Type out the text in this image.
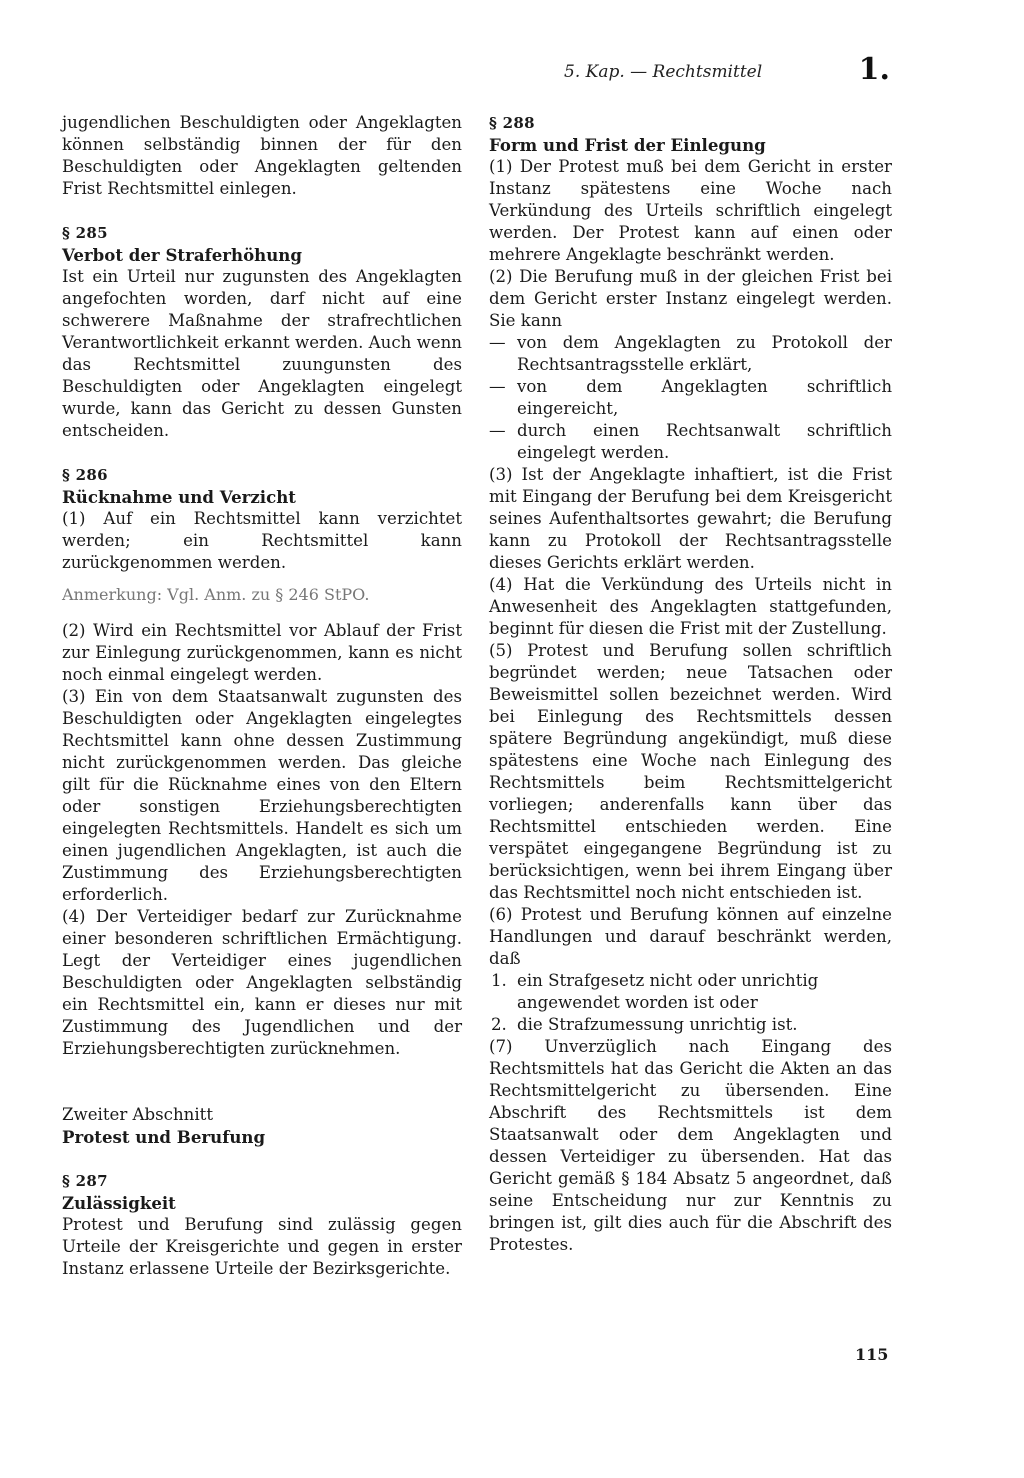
5. Kap. — Rechtsmittel	1.

jugendlichen Beschuldigten oder Angeklagten können selbständig binnen der für den Beschuldigten oder Angeklagten geltenden Frist Rechtsmittel einlegen.

§ 285
Verbot der Straferhöhung

Ist ein Urteil nur zugunsten des Angeklagten angefochten worden, darf nicht auf eine schwerere Maßnahme der strafrechtlichen Verantwortlichkeit erkannt werden. Auch wenn das Rechtsmittel zuungunsten des Beschuldigten oder Angeklagten eingelegt wurde, kann das Gericht zu dessen Gunsten entscheiden.

§ 286
Rücknahme und Verzicht

(1) Auf ein Rechtsmittel kann verzichtet werden; ein Rechtsmittel kann zurückgenommen werden.

Anmerkung: Vgl. Anm. zu § 246 StPO.

(2) Wird ein Rechtsmittel vor Ablauf der Frist zur Einlegung zurückgenommen, kann es nicht noch einmal eingelegt werden.

(3) Ein von dem Staatsanwalt zugunsten des Beschuldigten oder Angeklagten eingelegtes Rechtsmittel kann ohne dessen Zustimmung nicht zurückgenommen werden. Das gleiche gilt für die Rücknahme eines von den Eltern oder sonstigen Erziehungsberechtigten eingelegten Rechtsmittels. Handelt es sich um einen jugendlichen Angeklagten, ist auch die Zustimmung des Erziehungsberechtigten erforderlich.

(4) Der Verteidiger bedarf zur Zurücknahme einer besonderen schriftlichen Ermächtigung. Legt der Verteidiger eines jugendlichen Beschuldigten oder Angeklagten selbständig ein Rechtsmittel ein, kann er dieses nur mit Zustimmung des Jugendlichen und der Erziehungsberechtigten zurücknehmen.

Zweiter Abschnitt
Protest und Berufung
§ 287
Zulässigkeit

Protest und Berufung sind zulässig gegen Urteile der Kreisgerichte und gegen in erster Instanz erlassene Urteile der Bezirksgerichte.

§ 288
Form und Frist der Einlegung

(1) Der Protest muß bei dem Gericht in erster Instanz spätestens eine Woche nach Verkündung des Urteils schriftlich eingelegt werden. Der Protest kann auf einen oder mehrere Angeklagte beschränkt werden.

(2) Die Berufung muß in der gleichen Frist bei dem Gericht erster Instanz eingelegt werden. Sie kann

— von dem Angeklagten zu Protokoll der Rechtsantragsstelle erklärt,
— von dem Angeklagten schriftlich eingereicht,
— durch einen Rechtsanwalt schriftlich eingelegt werden.

(3) Ist der Angeklagte inhaftiert, ist die Frist mit Eingang der Berufung bei dem Kreisgericht seines Aufenthaltsortes gewahrt; die Berufung kann zu Protokoll der Rechtsantragsstelle dieses Gerichts erklärt werden.

(4) Hat die Verkündung des Urteils nicht in Anwesenheit des Angeklagten stattgefunden, beginnt für diesen die Frist mit der Zustellung.

(5) Protest und Berufung sollen schriftlich begründet werden; neue Tatsachen oder Beweismittel sollen bezeichnet werden. Wird bei Einlegung des Rechtsmittels dessen spätere Begründung angekündigt, muß diese spätestens eine Woche nach Einlegung des Rechtsmittels beim Rechtsmittelgericht vorliegen; anderenfalls kann über das Rechtsmittel entschieden werden. Eine verspätet eingegangene Begründung ist zu berücksichtigen, wenn bei ihrem Eingang über das Rechtsmittel noch nicht entschieden ist.

(6) Protest und Berufung können auf einzelne Handlungen und darauf beschränkt werden, daß

1. ein Strafgesetz nicht oder unrichtig angewendet worden ist oder
2. die Strafzumessung unrichtig ist.

(7) Unverzüglich nach Eingang des Rechtsmittels hat das Gericht die Akten an das Rechtsmittelgericht zu übersenden. Eine Abschrift des Rechtsmittels ist dem Staatsanwalt oder dem Angeklagten und dessen Verteidiger zu übersenden. Hat das Gericht gemäß § 184 Absatz 5 angeordnet, daß seine Entscheidung nur zur Kenntnis zu bringen ist, gilt dies auch für die Abschrift des Protestes.

115
